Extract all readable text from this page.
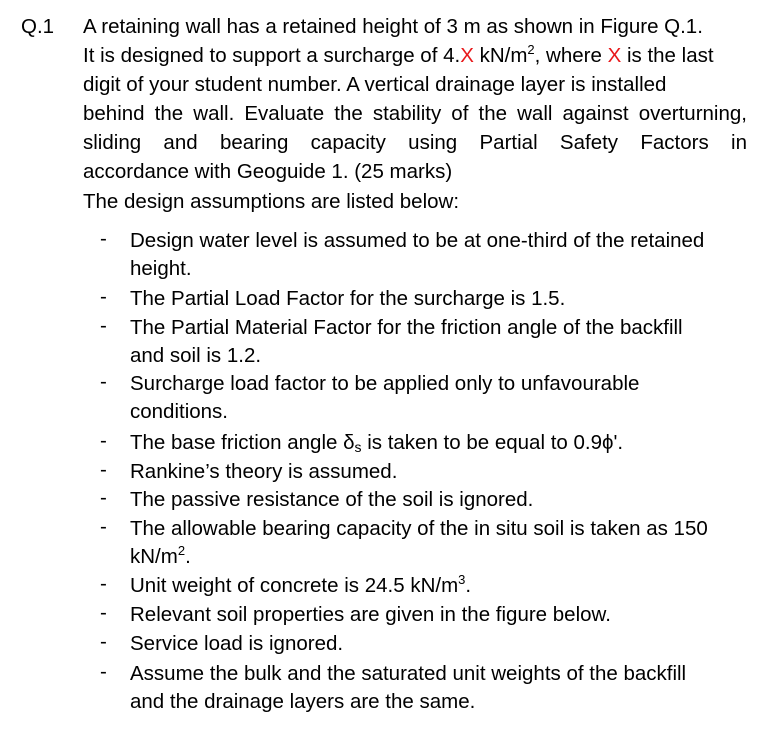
Q.1 A retaining wall has a retained height of 3 m as shown in Figure Q.1.
It is designed to support a surcharge of 4.X $kN/m^2$, where X is the last
digit of your student number. A vertical drainage layer is installed
behind the wall. Evaluate the stability of the wall against overturning,
sliding and bearing capacity using Partial Safety Factors in
accordance with Geoguide 1. (25 marks)
The design assumptions are listed below:
- Design water level is assumed to be at one-third of the retained
height.
- The Partial Load Factor for the surcharge is 1.5.
- The Partial Material Factor for the friction angle of the backfill
and soil is 1.2.
- Surcharge load factor to be applied only to unfavourable
conditions.
- The base friction angle $\delta_s$ is taken to be equal to 0.9ϕ'.
- Rankine’s theory is assumed.
- The passive resistance of the soil is ignored.
- The allowable bearing capacity of the in situ soil is taken as 150
$kN/m^2$.
- Unit weight of concrete is 24.5 $kN/m^3$.
- Relevant soil properties are given in the figure below.
- Service load is ignored.
- Assume the bulk and the saturated unit weights of the backfill
and the drainage layers are the same.
